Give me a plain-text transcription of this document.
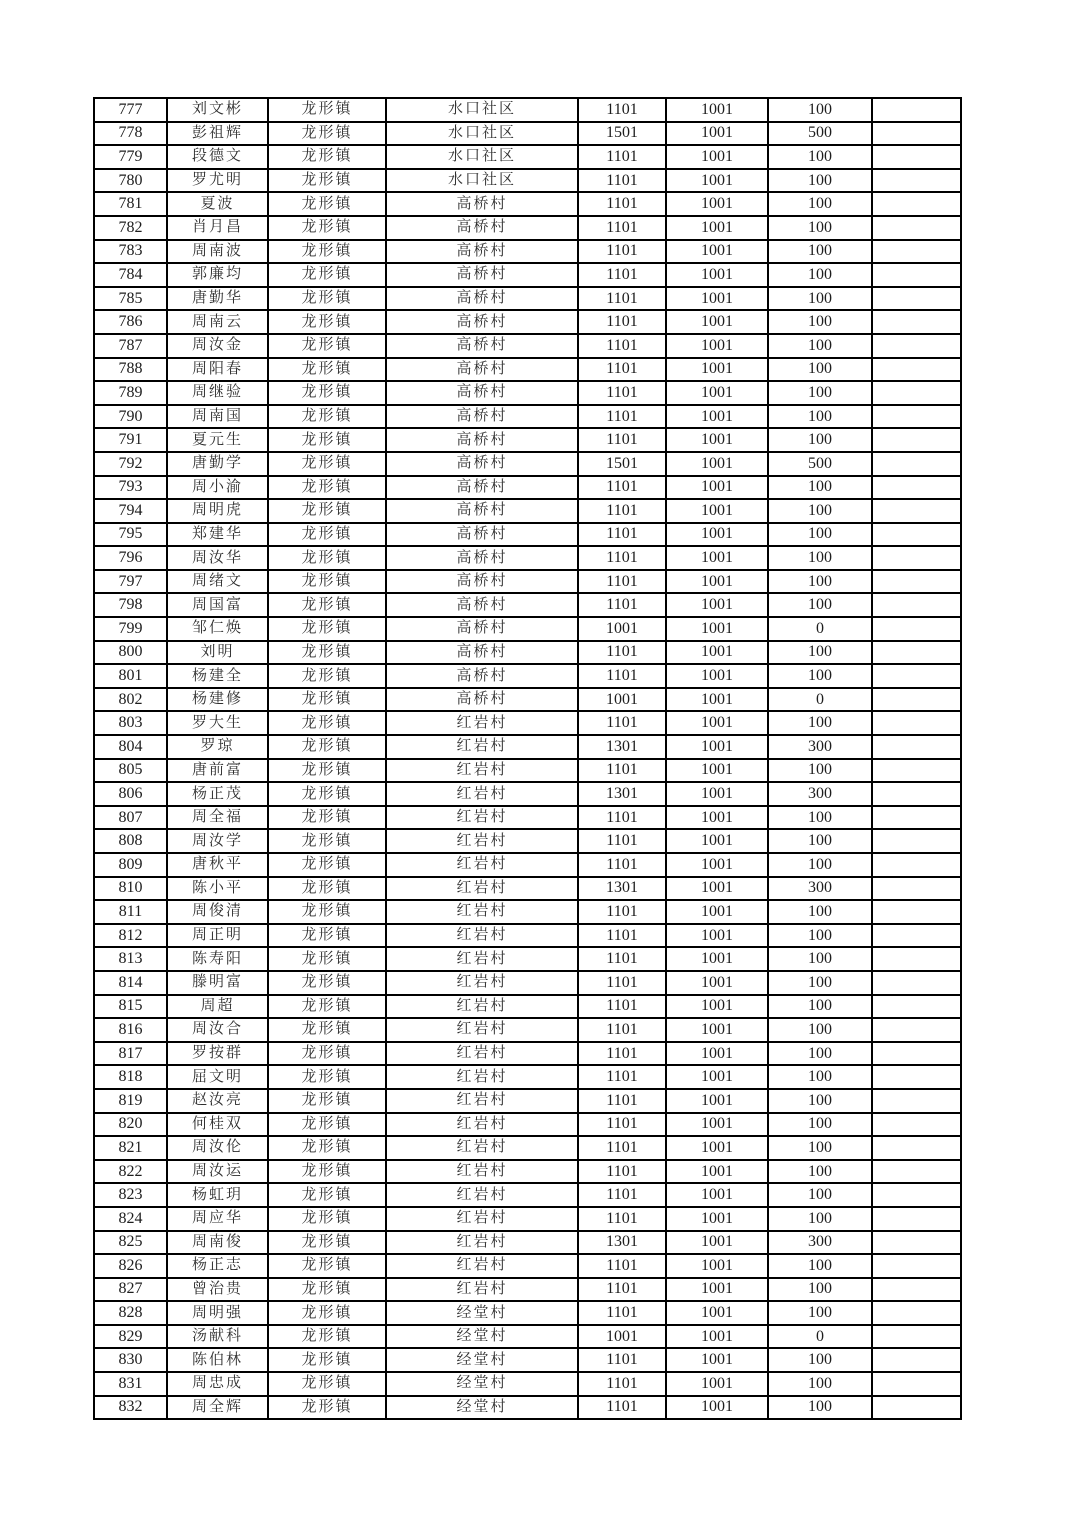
777	刘文彬	龙形镇	水口社区	1101	1001	100	
778	彭祖辉	龙形镇	水口社区	1501	1001	500	
779	段德文	龙形镇	水口社区	1101	1001	100	
780	罗尤明	龙形镇	水口社区	1101	1001	100	
781	夏波	龙形镇	高桥村	1101	1001	100	
782	肖月昌	龙形镇	高桥村	1101	1001	100	
783	周南波	龙形镇	高桥村	1101	1001	100	
784	郭廉均	龙形镇	高桥村	1101	1001	100	
785	唐勤华	龙形镇	高桥村	1101	1001	100	
786	周南云	龙形镇	高桥村	1101	1001	100	
787	周汝金	龙形镇	高桥村	1101	1001	100	
788	周阳春	龙形镇	高桥村	1101	1001	100	
789	周继验	龙形镇	高桥村	1101	1001	100	
790	周南国	龙形镇	高桥村	1101	1001	100	
791	夏元生	龙形镇	高桥村	1101	1001	100	
792	唐勤学	龙形镇	高桥村	1501	1001	500	
793	周小渝	龙形镇	高桥村	1101	1001	100	
794	周明虎	龙形镇	高桥村	1101	1001	100	
795	郑建华	龙形镇	高桥村	1101	1001	100	
796	周汝华	龙形镇	高桥村	1101	1001	100	
797	周绪文	龙形镇	高桥村	1101	1001	100	
798	周国富	龙形镇	高桥村	1101	1001	100	
799	邹仁焕	龙形镇	高桥村	1001	1001	0	
800	刘明	龙形镇	高桥村	1101	1001	100	
801	杨建全	龙形镇	高桥村	1101	1001	100	
802	杨建修	龙形镇	高桥村	1001	1001	0	
803	罗大生	龙形镇	红岩村	1101	1001	100	
804	罗琼	龙形镇	红岩村	1301	1001	300	
805	唐前富	龙形镇	红岩村	1101	1001	100	
806	杨正茂	龙形镇	红岩村	1301	1001	300	
807	周全福	龙形镇	红岩村	1101	1001	100	
808	周汝学	龙形镇	红岩村	1101	1001	100	
809	唐秋平	龙形镇	红岩村	1101	1001	100	
810	陈小平	龙形镇	红岩村	1301	1001	300	
811	周俊清	龙形镇	红岩村	1101	1001	100	
812	周正明	龙形镇	红岩村	1101	1001	100	
813	陈寿阳	龙形镇	红岩村	1101	1001	100	
814	滕明富	龙形镇	红岩村	1101	1001	100	
815	周超	龙形镇	红岩村	1101	1001	100	
816	周汝合	龙形镇	红岩村	1101	1001	100	
817	罗按群	龙形镇	红岩村	1101	1001	100	
818	屈文明	龙形镇	红岩村	1101	1001	100	
819	赵汝亮	龙形镇	红岩村	1101	1001	100	
820	何桂双	龙形镇	红岩村	1101	1001	100	
821	周汝伦	龙形镇	红岩村	1101	1001	100	
822	周汝运	龙形镇	红岩村	1101	1001	100	
823	杨虹玥	龙形镇	红岩村	1101	1001	100	
824	周应华	龙形镇	红岩村	1101	1001	100	
825	周南俊	龙形镇	红岩村	1301	1001	300	
826	杨正志	龙形镇	红岩村	1101	1001	100	
827	曾治贵	龙形镇	红岩村	1101	1001	100	
828	周明强	龙形镇	经堂村	1101	1001	100	
829	汤献科	龙形镇	经堂村	1001	1001	0	
830	陈伯林	龙形镇	经堂村	1101	1001	100	
831	周忠成	龙形镇	经堂村	1101	1001	100	
832	周全辉	龙形镇	经堂村	1101	1001	100	
